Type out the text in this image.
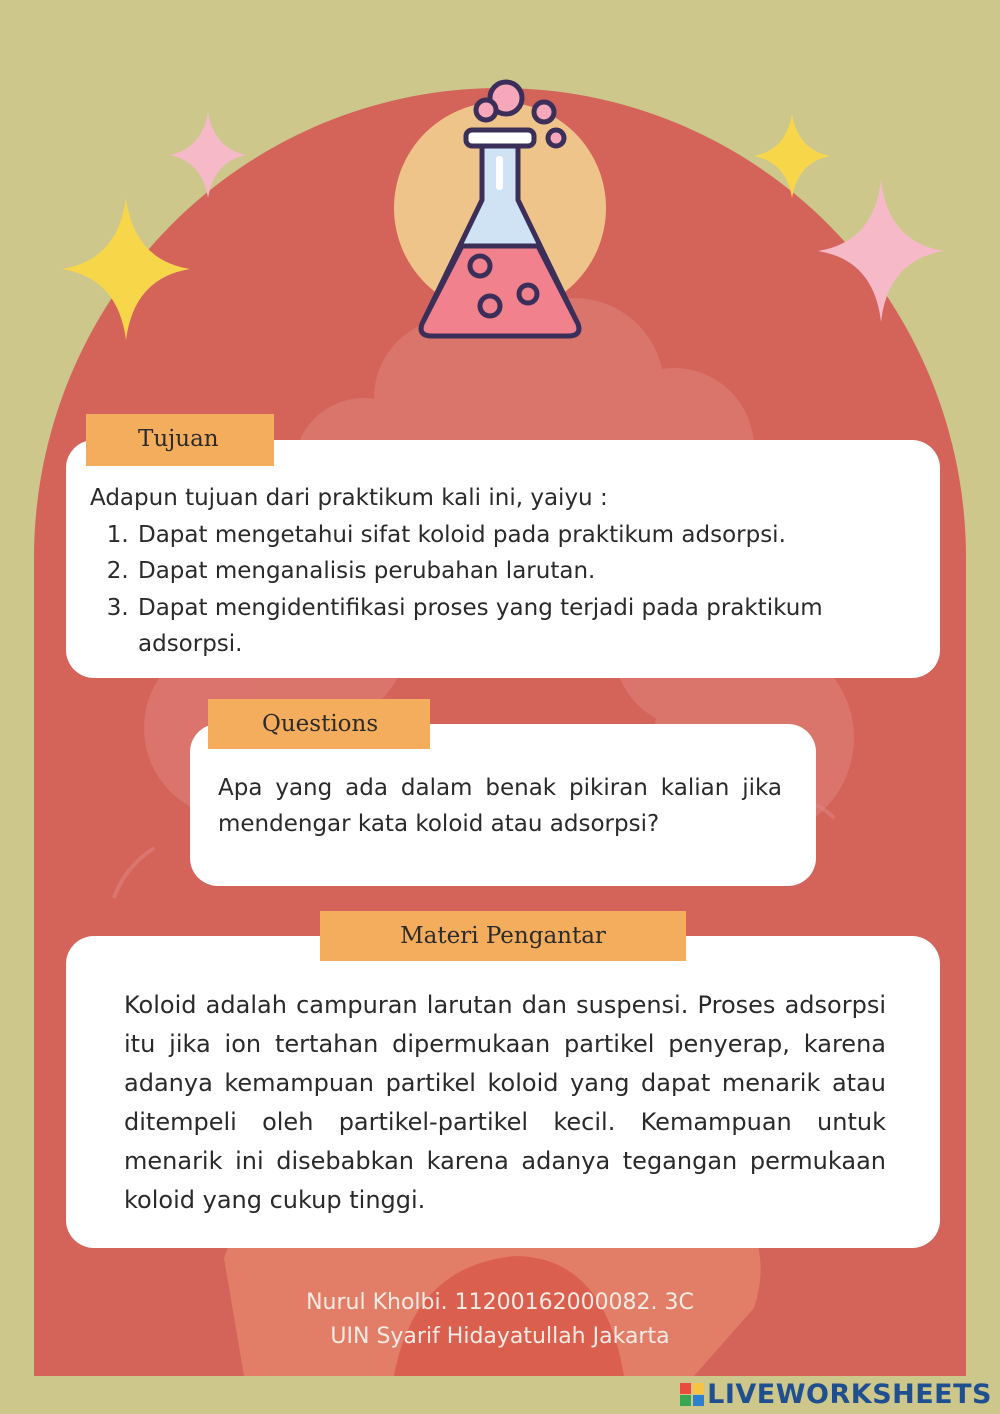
Adapun tujuan dari praktikum kali ini, yaiyu :
1. Dapat mengetahui sifat koloid pada praktikum adsorpsi.
2. Dapat menganalisis perubahan larutan.
3. Dapat mengidentifikasi proses yang terjadi pada praktikum adsorpsi.
Tujuan
Apa yang ada dalam benak pikiran kalian jika mendengar kata koloid atau adsorpsi?
Questions
Koloid adalah campuran larutan dan suspensi. Proses adsorpsi itu jika ion tertahan dipermukaan partikel penyerap, karena adanya kemampuan partikel koloid yang dapat menarik atau ditempeli oleh partikel-partikel kecil. Kemampuan untuk menarik ini disebabkan karena adanya tegangan permukaan koloid yang cukup tinggi.
Materi Pengantar
Nurul Kholbi. 11200162000082. 3C
UIN Syarif Hidayatullah Jakarta
LIVEWORKSHEETS
